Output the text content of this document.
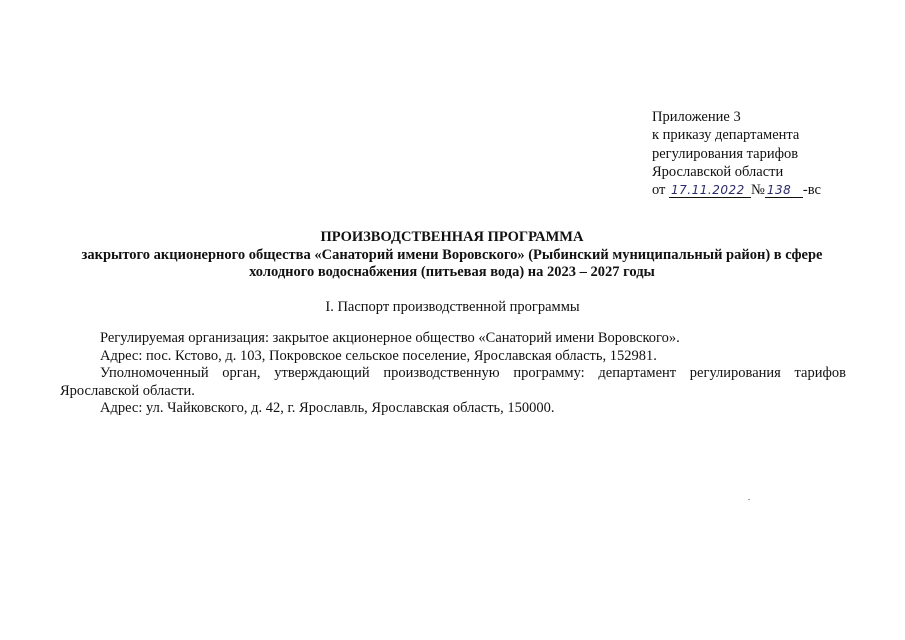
Приложение 3
к приказу департамента
регулирования тарифов
Ярославской области
от 17.11.2022 № 138 -вс
ПРОИЗВОДСТВЕННАЯ ПРОГРАММА
закрытого акционерного общества «Санаторий имени Воровского» (Рыбинский муниципальный район) в сфере холодного водоснабжения (питьевая вода) на 2023 – 2027 годы
I. Паспорт производственной программы

Регулируемая организация: закрытое акционерное общество «Санаторий имени Воровского».

Адрес: пос. Кстово, д. 103, Покровское сельское поселение, Ярославская область, 152981.

Уполномоченный орган, утверждающий производственную программу: департамент регулирования тарифов Ярославской области.

Адрес: ул. Чайковского, д. 42, г. Ярославль, Ярославская область, 150000.
